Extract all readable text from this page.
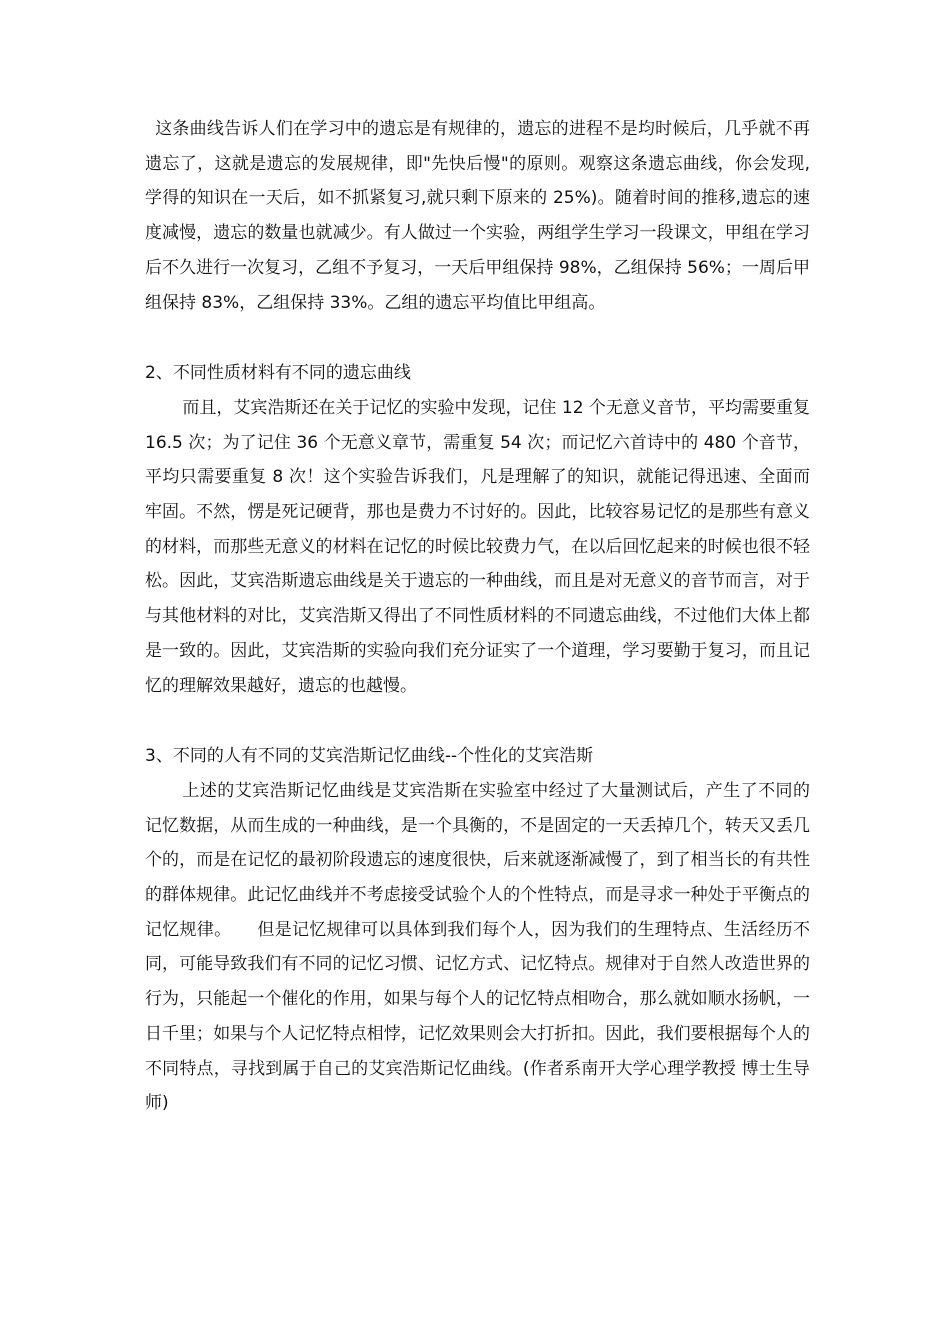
这条曲线告诉人们在学习中的遗忘是有规律的，遗忘的进程不是均时候后，几乎就不再遗忘了，这就是遗忘的发展规律，即"先快后慢"的原则。观察这条遗忘曲线，你会发现,学得的知识在一天后，如不抓紧复习,就只剩下原来的 25%)。随着时间的推移,遗忘的速度减慢，遗忘的数量也就减少。有人做过一个实验，两组学生学习一段课文，甲组在学习后不久进行一次复习，乙组不予复习，一天后甲组保持 98%，乙组保持 56%；一周后甲组保持 83%，乙组保持 33%。乙组的遗忘平均值比甲组高。

2、不同性质材料有不同的遗忘曲线

而且，艾宾浩斯还在关于记忆的实验中发现，记住 12 个无意义音节，平均需要重复 16.5 次；为了记住 36 个无意义章节，需重复 54 次；而记忆六首诗中的 480 个音节，平均只需要重复 8 次！这个实验告诉我们，凡是理解了的知识，就能记得迅速、全面而牢固。不然，愣是死记硬背，那也是费力不讨好的。因此，比较容易记忆的是那些有意义的材料，而那些无意义的材料在记忆的时候比较费力气，在以后回忆起来的时候也很不轻松。因此，艾宾浩斯遗忘曲线是关于遗忘的一种曲线，而且是对无意义的音节而言，对于与其他材料的对比，艾宾浩斯又得出了不同性质材料的不同遗忘曲线，不过他们大体上都是一致的。因此，艾宾浩斯的实验向我们充分证实了一个道理，学习要勤于复习，而且记忆的理解效果越好，遗忘的也越慢。

3、不同的人有不同的艾宾浩斯记忆曲线--个性化的艾宾浩斯

上述的艾宾浩斯记忆曲线是艾宾浩斯在实验室中经过了大量测试后，产生了不同的记忆数据，从而生成的一种曲线，是一个具衡的，不是固定的一天丢掉几个，转天又丢几个的，而是在记忆的最初阶段遗忘的速度很快，后来就逐渐减慢了，到了相当长的有共性的群体规律。此记忆曲线并不考虑接受试验个人的个性特点，而是寻求一种处于平衡点的记忆规律。　　但是记忆规律可以具体到我们每个人，因为我们的生理特点、生活经历不同，可能导致我们有不同的记忆习惯、记忆方式、记忆特点。规律对于自然人改造世界的行为，只能起一个催化的作用，如果与每个人的记忆特点相吻合，那么就如顺水扬帆，一日千里；如果与个人记忆特点相悖，记忆效果则会大打折扣。因此，我们要根据每个人的不同特点，寻找到属于自己的艾宾浩斯记忆曲线。(作者系南开大学心理学教授 博士生导师)
